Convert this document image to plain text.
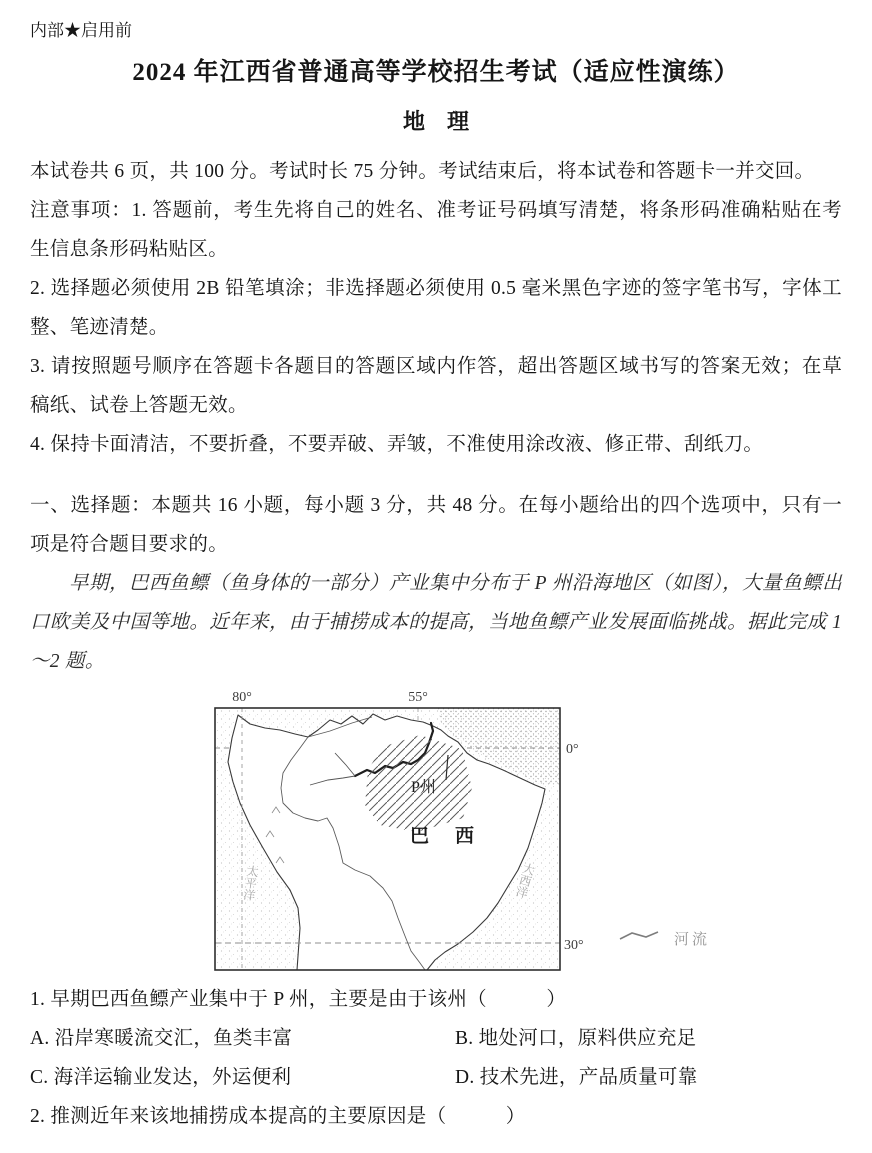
内部★启用前
2024 年江西省普通高等学校招生考试（适应性演练）
地　理

本试卷共 6 页，共 100 分。考试时长 75 分钟。考试结束后，将本试卷和答题卡一并交回。

注意事项：1. 答题前，考生先将自己的姓名、准考证号码填写清楚，将条形码准确粘贴在考生信息条形码粘贴区。

2. 选择题必须使用 2B 铅笔填涂；非选择题必须使用 0.5 毫米黑色字迹的签字笔书写，字体工整、笔迹清楚。

3. 请按照题号顺序在答题卡各题目的答题区域内作答，超出答题区域书写的答案无效；在草稿纸、试卷上答题无效。

4. 保持卡面清洁，不要折叠，不要弄破、弄皱，不准使用涂改液、修正带、刮纸刀。

一、选择题：本题共 16 小题，每小题 3 分，共 48 分。在每小题给出的四个选项中，只有一项是符合题目要求的。

早期，巴西鱼鳔（鱼身体的一部分）产业集中分布于 P 州沿海地区（如图），大量鱼鳔出口欧美及中国等地。近年来，由于捕捞成本的提高，当地鱼鳔产业发展面临挑战。据此完成 1～2 题。

P州
巴西
太平洋	大西洋
80°	55°
0°
30°	河流

1. 早期巴西鱼鳔产业集中于 P 州，主要是由于该州（　　　）

A. 沿岸寒暖流交汇，鱼类丰富	B. 地处河口，原料供应充足
C. 海洋运输业发达，外运便利	D. 技术先进，产品质量可靠

2. 推测近年来该地捕捞成本提高的主要原因是（　　　）
